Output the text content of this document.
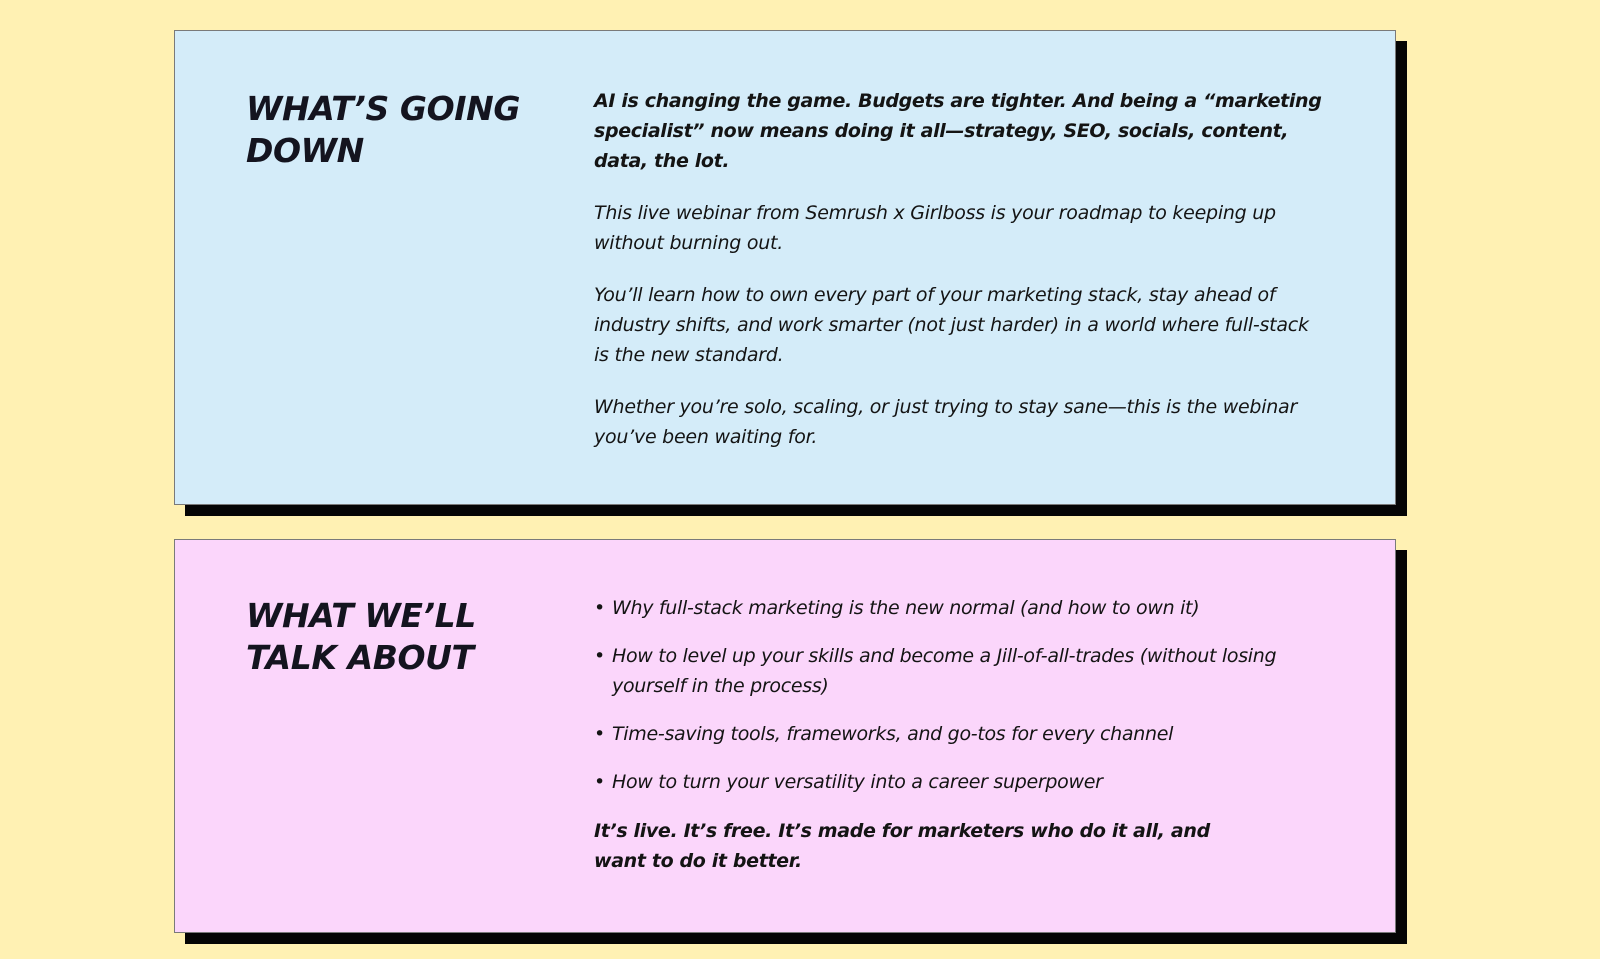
WHAT’S GOING DOWN

AI is changing the game. Budgets are tighter. And being a “marketing specialist” now means doing it all—strategy, SEO, socials, content, data, the lot.

This live webinar from Semrush x Girlboss is your roadmap to keeping up without burning out.

You’ll learn how to own every part of your marketing stack, stay ahead of industry shifts, and work smarter (not just harder) in a world where full-stack is the new standard.

Whether you’re solo, scaling, or just trying to stay sane—this is the webinar you’ve been waiting for.

WHAT WE’LL TALK ABOUT
• Why full-stack marketing is the new normal (and how to own it)
• How to level up your skills and become a Jill-of-all-trades (without losing yourself in the process)
• Time-saving tools, frameworks, and go-tos for every channel
• How to turn your versatility into a career superpower

It’s live. It’s free. It’s made for marketers who do it all, and want to do it better.
